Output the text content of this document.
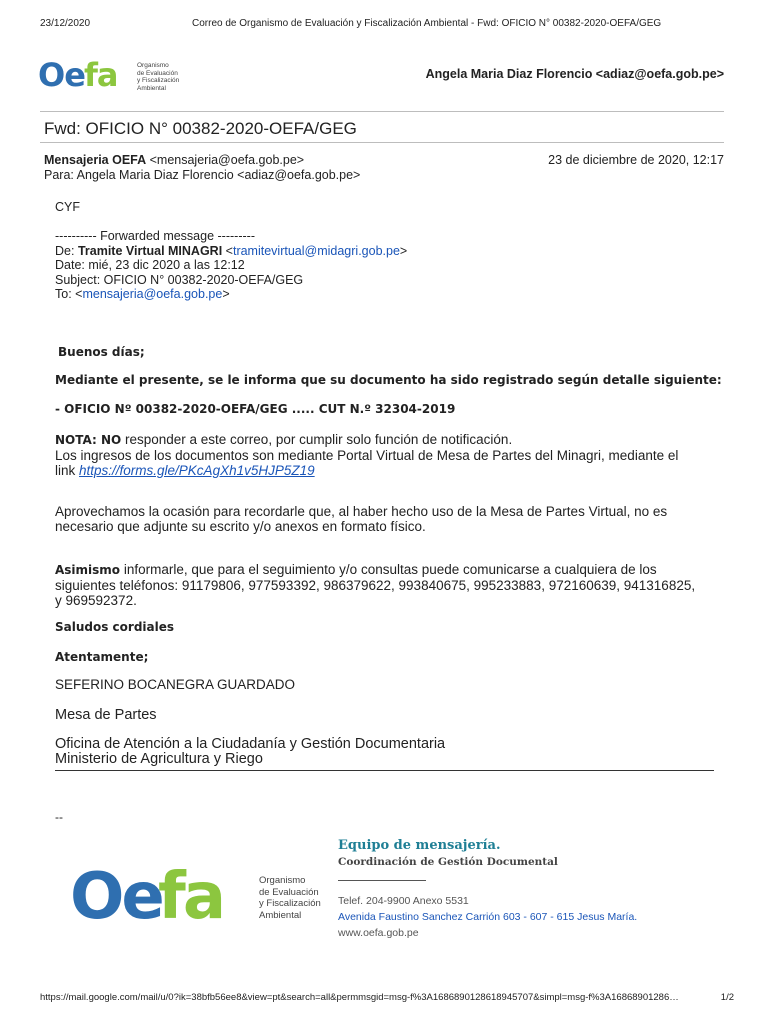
23/12/2020	Correo de Organismo de Evaluación y Fiscalización Ambiental - Fwd: OFICIO N° 00382-2020-OEFA/GEG
Oe fa	Organismo
de Evaluación
y Fiscalización
Ambiental
Angela Maria Diaz Florencio <adiaz@oefa.gob.pe>
Fwd: OFICIO N° 00382-2020-OEFA/GEG
Mensajeria OEFA <mensajeria@oefa.gob.pe>	23 de diciembre de 2020, 12:17
Para: Angela Maria Diaz Florencio <adiaz@oefa.gob.pe>
CYF
---------- Forwarded message ---------
De: Tramite Virtual MINAGRI <tramitevirtual@midagri.gob.pe>
Date: mié, 23 dic 2020 a las 12:12
Subject: OFICIO N° 00382-2020-OEFA/GEG
To: <mensajeria@oefa.gob.pe>
Buenos días;
Mediante el presente, se le informa que su documento ha sido registrado según detalle siguiente:
- OFICIO Nº 00382-2020-OEFA/GEG ..... CUT N.º 32304-2019
NOTA: NO responder a este correo, por cumplir solo función de notificación.
Los ingresos de los documentos son mediante Portal Virtual de Mesa de Partes del Minagri, mediante el
link https://forms.gle/PKcAgXh1v5HJP5Z19
Aprovechamos la ocasión para recordarle que, al haber hecho uso de la Mesa de Partes Virtual, no es
necesario que adjunte su escrito y/o anexos en formato físico.
Asimismo informarle, que para el seguimiento y/o consultas puede comunicarse a cualquiera de los
siguientes teléfonos: 91179806, 977593392, 986379622, 993840675, 995233883, 972160639, 941316825,
y 969592372.
Saludos cordiales
Atentamente;
SEFERINO BOCANEGRA GUARDADO
Mesa de Partes
Oficina de Atención a la Ciudadanía y Gestión Documentaria
Ministerio de Agricultura y Riego
--
Oe
fa	Organismo
de Evaluación
y Fiscalización
Ambiental
Equipo de mensajería.
Coordinación de Gestión Documental
Telef. 204-9900 Anexo 5531
Avenida Faustino Sanchez Carrión 603 - 607 - 615 Jesus María.
www.oefa.gob.pe
https://mail.google.com/mail/u/0?ik=38bfb56ee8&view=pt&search=all&permmsgid=msg-f%3A1686890128618945707&simpl=msg-f%3A16868901286…	1/2
